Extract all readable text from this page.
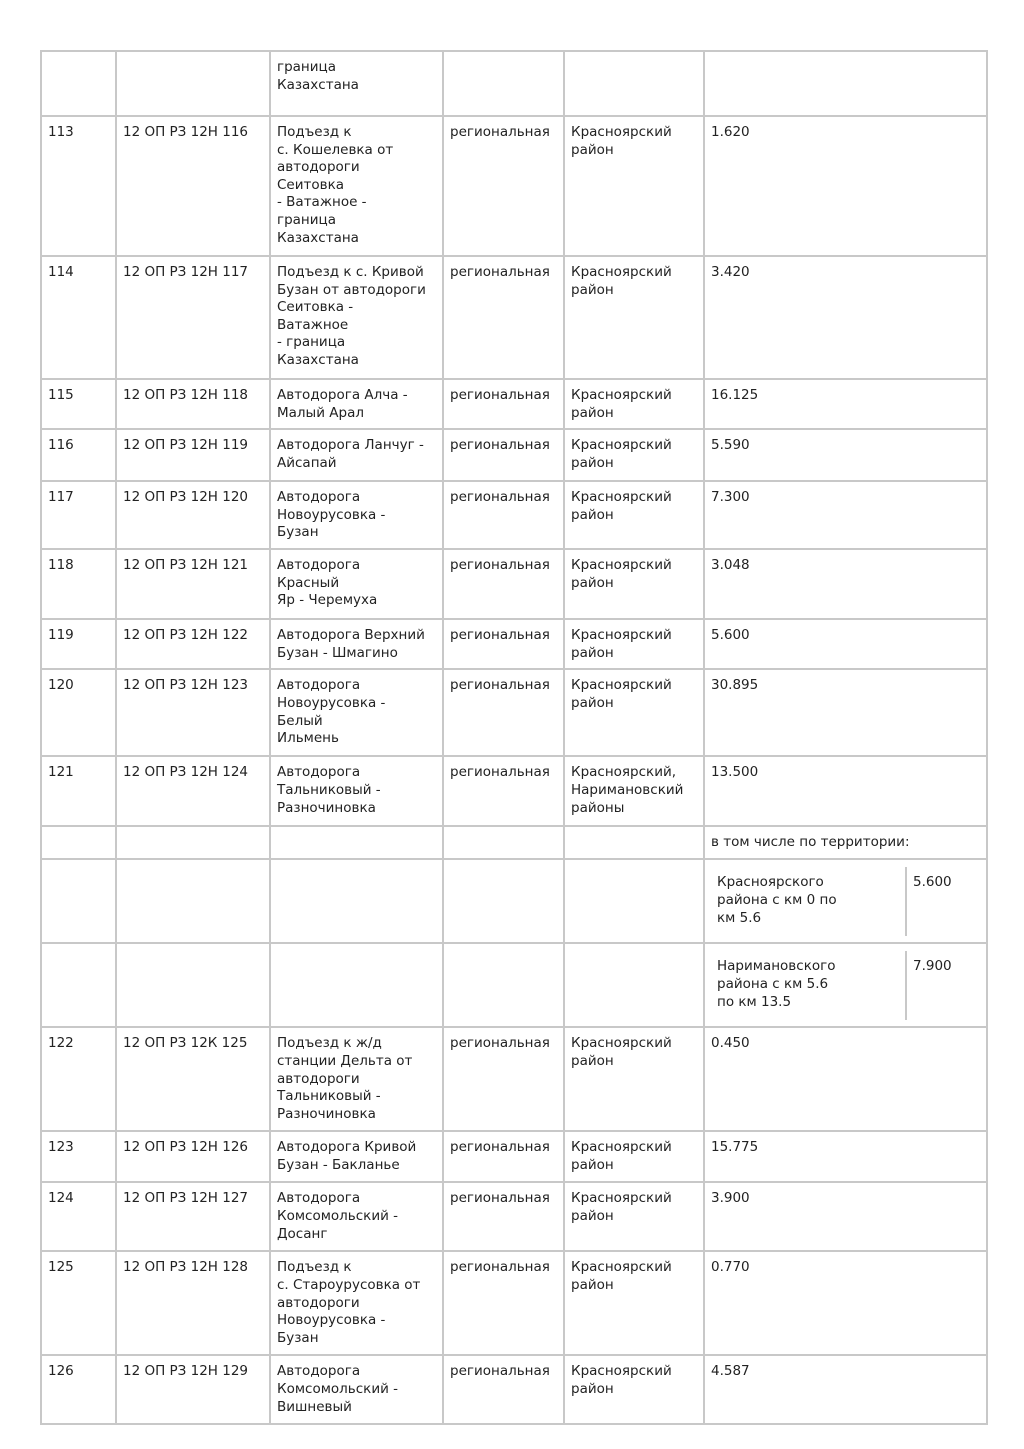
		граница
Казахстана			
113	12 ОП РЗ 12Н 116	Подъезд к
с. Кошелевка от
автодороги
Сеитовка
- Ватажное -
граница
Казахстана	региональная	Красноярский
район	1.620
114	12 ОП РЗ 12Н 117	Подъезд к с. Кривой
Бузан от автодороги
Сеитовка -
Ватажное
- граница
Казахстана	региональная	Красноярский
район	3.420
115	12 ОП РЗ 12Н 118	Автодорога Алча -
Малый Арал	региональная	Красноярский
район	16.125
116	12 ОП РЗ 12Н 119	Автодорога Ланчуг -
Айсапай	региональная	Красноярский
район	5.590
117	12 ОП РЗ 12Н 120	Автодорога
Новоурусовка -
Бузан	региональная	Красноярский
район	7.300
118	12 ОП РЗ 12Н 121	Автодорога
Красный
Яр - Черемуха	региональная	Красноярский
район	3.048
119	12 ОП РЗ 12Н 122	Автодорога Верхний
Бузан - Шмагино	региональная	Красноярский
район	5.600
120	12 ОП РЗ 12Н 123	Автодорога
Новоурусовка -
Белый
Ильмень	региональная	Красноярский
район	30.895
121	12 ОП РЗ 12Н 124	Автодорога
Тальниковый -
Разночиновка	региональная	Красноярский,
Наримановский
районы	13.500
					в том числе по территории:

Красноярского
района с км 0 по
км 5.6	5.600

Наримановского
района с км 5.6
по км 13.5	7.900

122	12 ОП РЗ 12К 125	Подъезд к ж/д
станции Дельта от
автодороги
Тальниковый -
Разночиновка	региональная	Красноярский
район	0.450
123	12 ОП РЗ 12Н 126	Автодорога Кривой
Бузан - Бакланье	региональная	Красноярский
район	15.775
124	12 ОП РЗ 12Н 127	Автодорога
Комсомольский -
Досанг	региональная	Красноярский
район	3.900
125	12 ОП РЗ 12Н 128	Подъезд к
с. Староурусовка от
автодороги
Новоурусовка -
Бузан	региональная	Красноярский
район	0.770
126	12 ОП РЗ 12Н 129	Автодорога
Комсомольский -
Вишневый	региональная	Красноярский
район	4.587
